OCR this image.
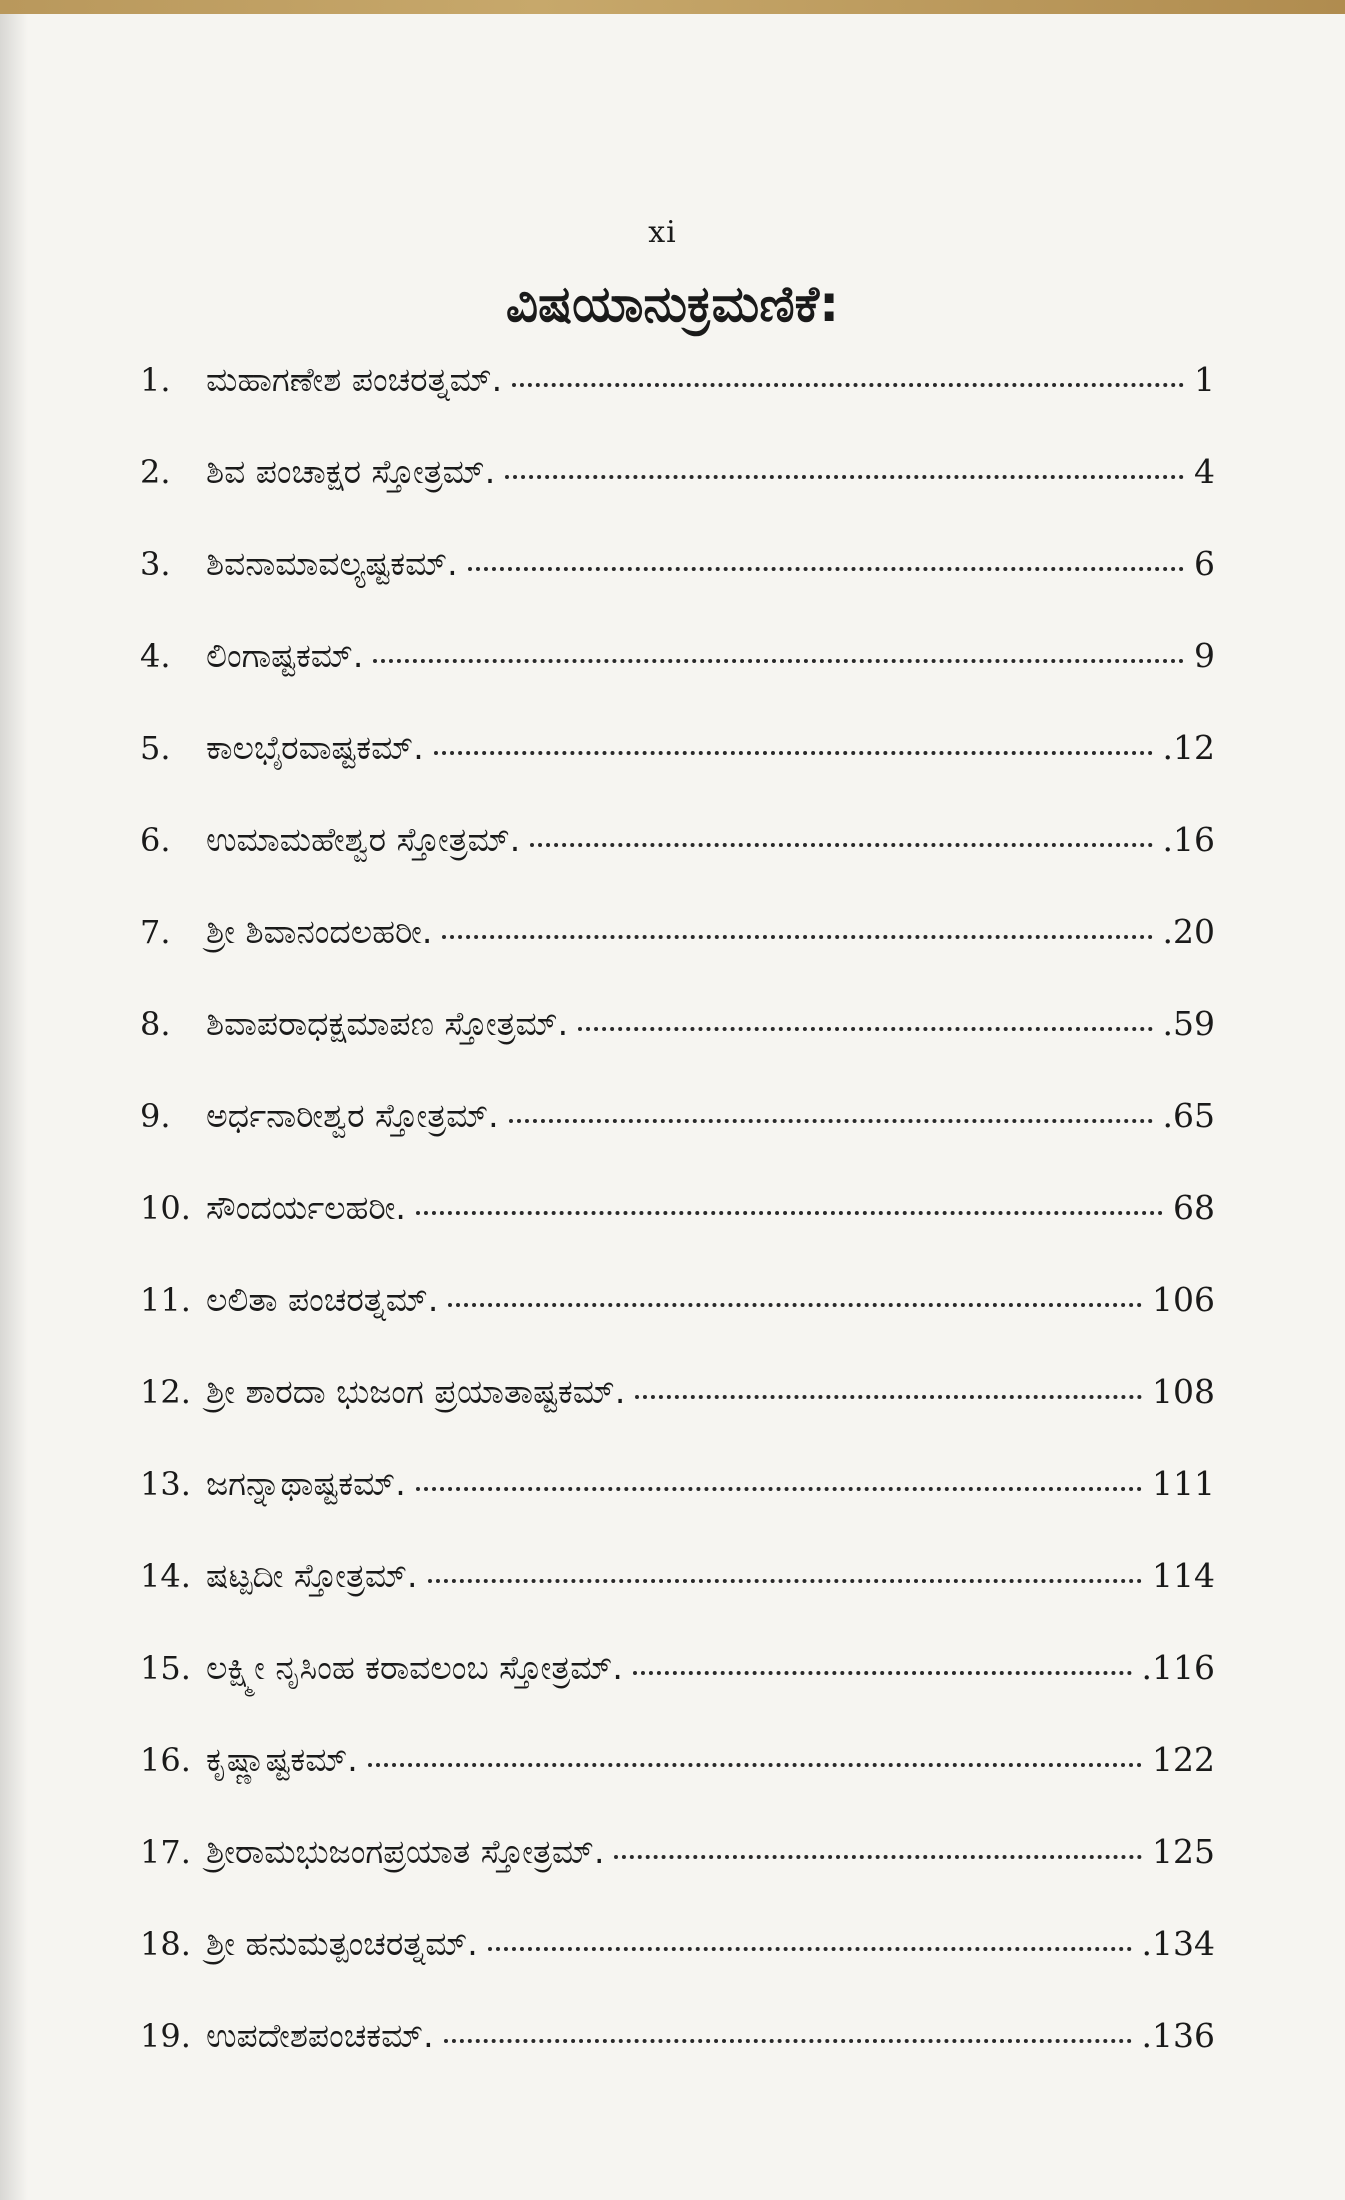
xi
ವಿಷಯಾನುಕ್ರಮಣಿಕೆ:
1.	ಮಹಾಗಣೇಶ ಪಂಚರತ್ನಮ್.	1
2.	ಶಿವ ಪಂಚಾಕ್ಷರ ಸ್ತೋತ್ರಮ್.	4
3.	ಶಿವನಾಮಾವಲ್ಯಷ್ಟಕಮ್.	6
4.	ಲಿಂಗಾಷ್ಟಕಮ್.	9
5.	ಕಾಲಭೈರವಾಷ್ಟಕಮ್.	.12
6.	ಉಮಾಮಹೇಶ್ವರ ಸ್ತೋತ್ರಮ್.	.16
7.	ಶ್ರೀ ಶಿವಾನಂದಲಹರೀ.	.20
8.	ಶಿವಾಪರಾಧಕ್ಷಮಾಪಣ ಸ್ತೋತ್ರಮ್.	.59
9.	ಅರ್ಧನಾರೀಶ್ವರ ಸ್ತೋತ್ರಮ್.	.65
10. ಸೌಂದರ್ಯಲಹರೀ.	68
11. ಲಲಿತಾ ಪಂಚರತ್ನಮ್.	106
12. ಶ್ರೀ ಶಾರದಾ ಭುಜಂಗ ಪ್ರಯಾತಾಷ್ಟಕಮ್.	108
13. ಜಗನ್ನಾಥಾಷ್ಟಕಮ್.	111
14. ಷಟ್ಪದೀ ಸ್ತೋತ್ರಮ್.	114
15. ಲಕ್ಷ್ಮೀ ನೃಸಿಂಹ ಕರಾವಲಂಬ ಸ್ತೋತ್ರಮ್.	.116
16. ಕೃಷ್ಣಾಷ್ಟಕಮ್.	122
17. ಶ್ರೀರಾಮಭುಜಂಗಪ್ರಯಾತ ಸ್ತೋತ್ರಮ್.	125
18. ಶ್ರೀ ಹನುಮತ್ಪಂಚರತ್ನಮ್.	.134
19. ಉಪದೇಶಪಂಚಕಮ್.	.136
